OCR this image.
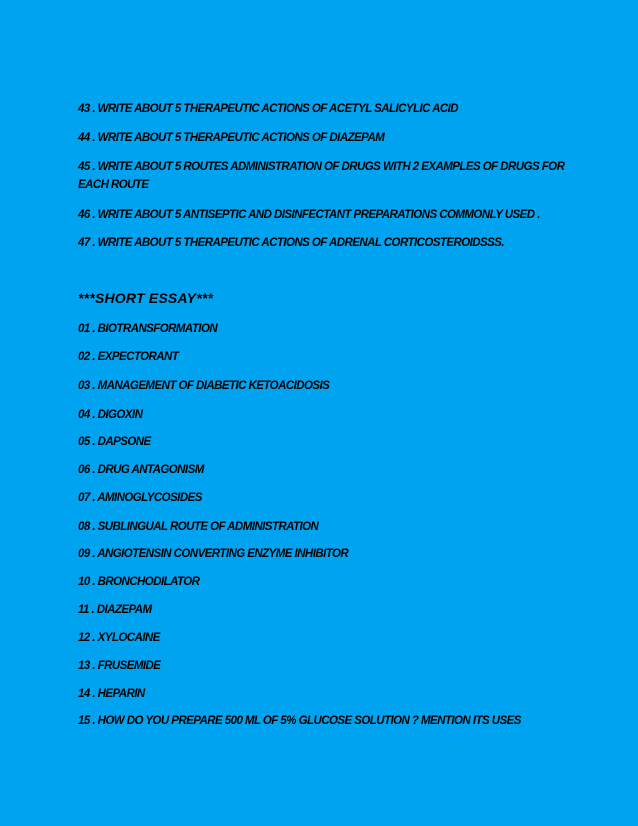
43 . WRITE ABOUT 5 THERAPEUTIC ACTIONS OF ACETYL SALICYLIC ACID
44 . WRITE ABOUT 5 THERAPEUTIC ACTIONS OF DIAZEPAM
45 . WRITE ABOUT 5 ROUTES ADMINISTRATION OF DRUGS WITH 2 EXAMPLES OF DRUGS FOR EACH ROUTE
46 . WRITE ABOUT 5 ANTISEPTIC AND DISINFECTANT PREPARATIONS COMMONLY USED .
47 . WRITE ABOUT 5 THERAPEUTIC ACTIONS OF ADRENAL CORTICOSTEROIDSSS.
***SHORT ESSAY***
01 . BIOTRANSFORMATION
02 . EXPECTORANT
03 . MANAGEMENT OF DIABETIC KETOACIDOSIS
04 . DIGOXIN
05 . DAPSONE
06 . DRUG ANTAGONISM
07 . AMINOGLYCOSIDES
08 . SUBLINGUAL ROUTE OF ADMINISTRATION
09 . ANGIOTENSIN CONVERTING ENZYME INHIBITOR
10 . BRONCHODILATOR
11 . DIAZEPAM
12 . XYLOCAINE
13 . FRUSEMIDE
14 . HEPARIN
15 . HOW DO YOU PREPARE 500 ML OF 5% GLUCOSE SOLUTION ? MENTION ITS USES
